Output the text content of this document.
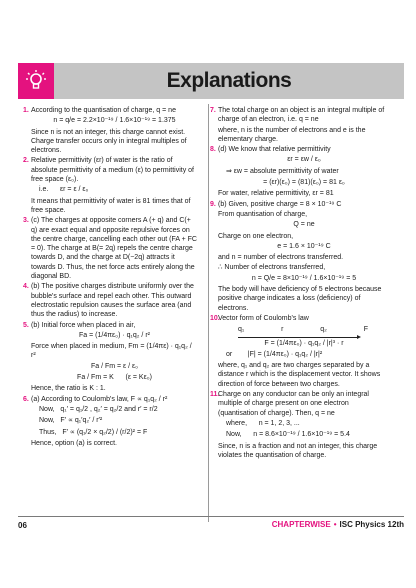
Explanations

1. According to the quantisation of charge, q = ne

n = q/e = 2.2×10⁻¹⁹ / 1.6×10⁻¹⁹ = 1.375

Since n is not an integer, this charge cannot exist. Charge transfer occurs only in integral multiples of electrons.

2. Relative permittivity (εr) of water is the ratio of absolute permittivity of a medium (ε) to permittivity of free space (ε₀).

i.e. εr = ε / ε₀

It means that permittivity of water is 81 times that of free space.

3. (c) The charges at opposite corners A (+ q) and C(+ q) are exact equal and opposite repulsive forces on the centre charge, cancelling each other out (FA + FC = 0). The charge at B(= 2q) repels the centre charge towards D, and the charge at D(−2q) attracts it towards D. Thus, the net force acts entirely along the diagonal BD.

4. (b) The positive charges distribute uniformly over the bubble's surface and repel each other. This outward electrostatic repulsion causes the surface area (and thus the radius) to increase.

5. (b) Initial force when placed in air,

Fa = (1/4πε₀) · q₁q₂ / r²

Force when placed in medium, Fm = (1/4πε) · q₁q₂ / r²

Fa / Fm = ε / ε₀
Fa / Fm = K (ε = Kε₀)

Hence, the ratio is K : 1.

6. (a) According to Coulomb's law, F ∝ q₁q₂ / r²

Now, q₁′ = q₁/2 , q₂′ = q₂/2 and r′ = r/2
Now, F′ ∝ q₁′q₂′ / r′²
Thus, F′ ∝ (q₁/2 × q₂/2) / (r/2)² = F

Hence, option (a) is correct.

7. The total charge on an object is an integral multiple of charge of an electron, i.e. q = ne

where, n is the number of electrons and e is the elementary charge.

8. (d) We know that relative permittivity

εr = εw / ε₀
⇒ εw = absolute permittivity of water
= (εr)(ε₀) = (81)(ε₀) = 81 ε₀

For water, relative permittivity, εr = 81

9. (b) Given, positive charge = 8 × 10⁻¹⁹ C

From quantisation of charge,

Q = ne

Charge on one electron,

e = 1.6 × 10⁻¹⁹ C

and n = number of electrons transferred.

∴ Number of electrons transferred,

n = Q/e = 8×10⁻¹⁹ / 1.6×10⁻¹⁹ = 5

The body will have deficiency of 5 electrons because positive charge indicates a loss (deficiency) of electrons.

10.Vector form of Coulomb's law

q₁	r	q₂	F
F = (1/4πε₀) · q₁q₂ / |r|³ · r
or |F| = (1/4πε₀) · q₁q₂ / |r|²

where, q₁ and q₂ are two charges separated by a distance r which is the displacement vector. It shows direction of force between two charges.

11.Charge on any conductor can be only an integral multiple of charge present on one electron (quantisation of charge). Then, q = ne

where, n = 1, 2, 3, ...
Now, n = 8.6×10⁻¹⁹ / 1.6×10⁻¹⁹ = 5.4

Since, n is a fraction and not an integer, this charge violates the quantisation of charge.

06	CHAPTERWISE • ISC Physics 12th
